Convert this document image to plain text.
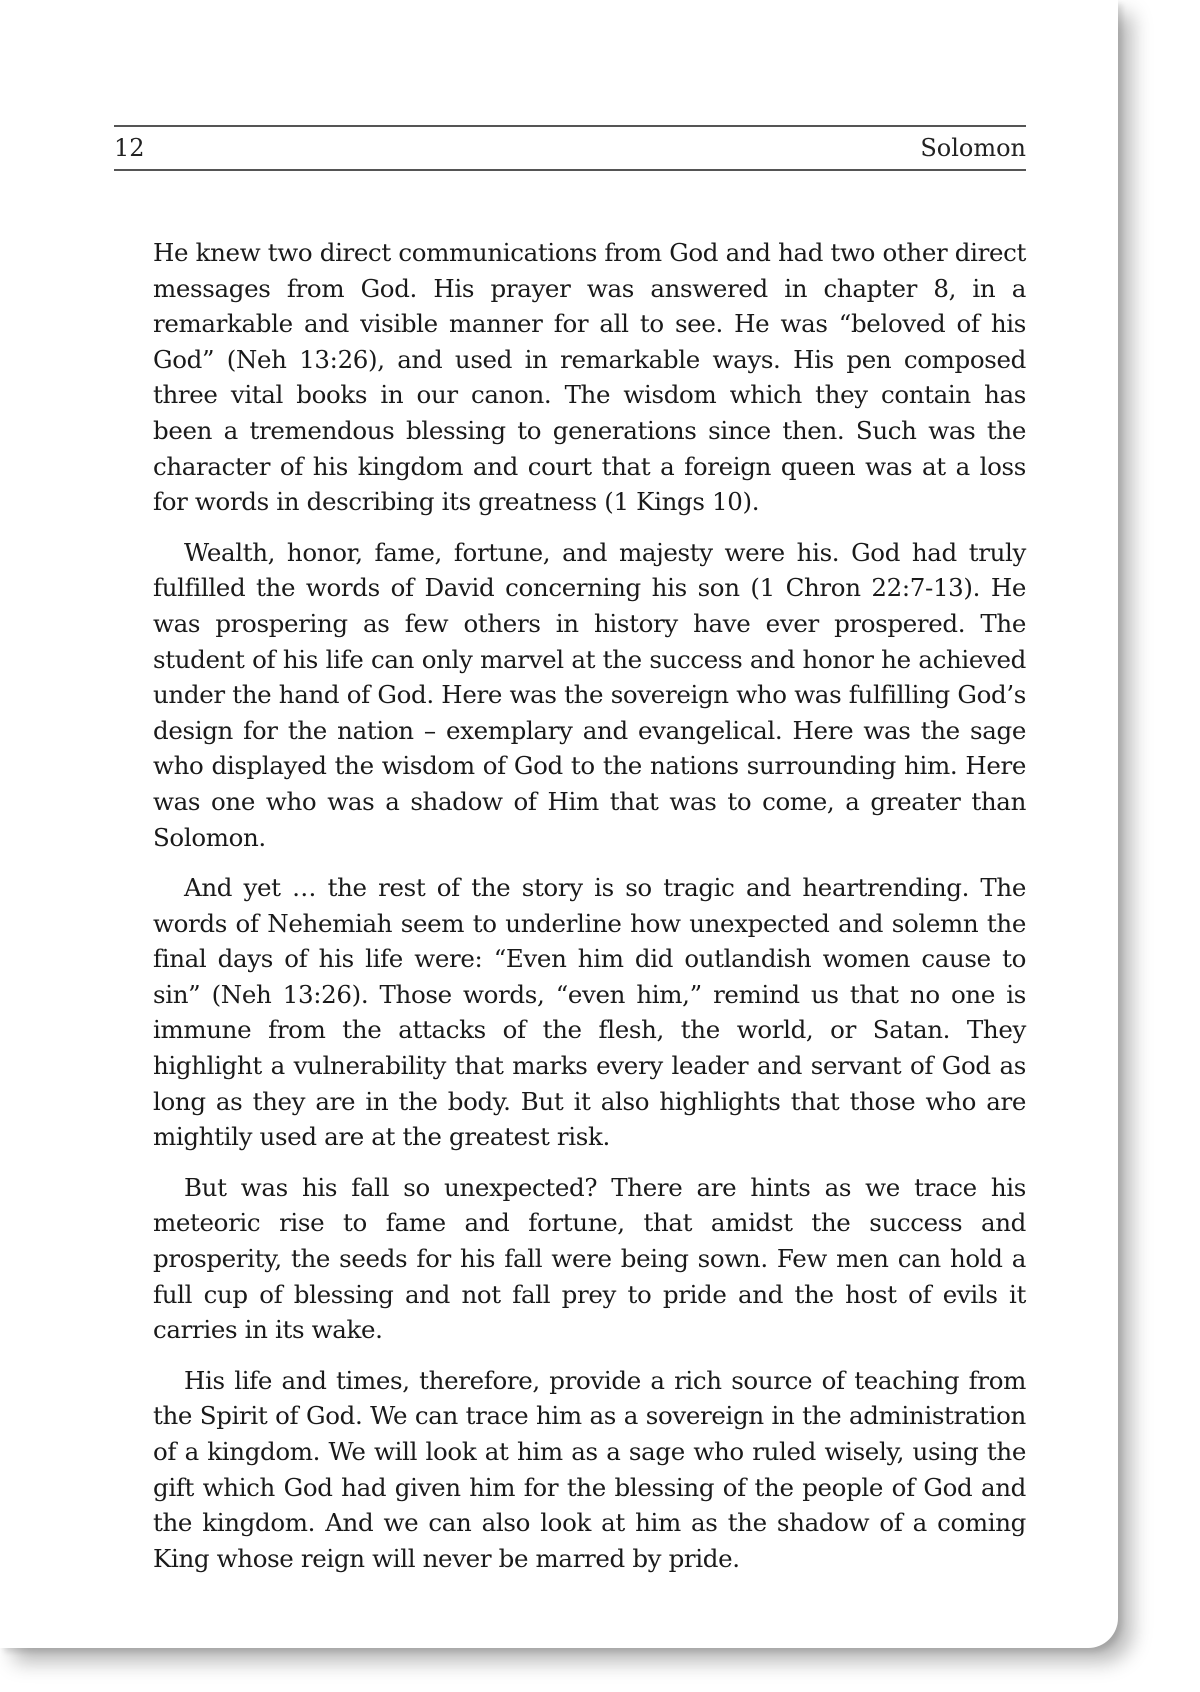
12	Solomon

He knew two direct communications from God and had two other direct messages from God. His prayer was answered in chapter 8, in a remarkable and visible manner for all to see. He was “beloved of his God” (Neh 13:26), and used in remarkable ways. His pen composed three vital books in our canon. The wisdom which they contain has been a tremendous blessing to generations since then. Such was the character of his kingdom and court that a foreign queen was at a loss for words in describing its greatness (1 Kings 10).

Wealth, honor, fame, fortune, and majesty were his. God had truly fulfilled the words of David concerning his son (1 Chron 22:7-13). He was prospering as few others in history have ever prospered. The student of his life can only marvel at the success and honor he achieved under the hand of God. Here was the sovereign who was fulfilling God’s design for the nation – exemplary and evangelical. Here was the sage who displayed the wisdom of God to the nations surrounding him. Here was one who was a shadow of Him that was to come, a greater than Solomon.

And yet … the rest of the story is so tragic and heartrending. The words of Nehemiah seem to underline how unexpected and solemn the final days of his life were: “Even him did outlandish women cause to sin” (Neh 13:26). Those words, “even him,” remind us that no one is immune from the attacks of the flesh, the world, or Satan. They highlight a vulnerability that marks every leader and servant of God as long as they are in the body. But it also highlights that those who are mightily used are at the greatest risk.

But was his fall so unexpected? There are hints as we trace his meteoric rise to fame and fortune, that amidst the success and prosperity, the seeds for his fall were being sown. Few men can hold a full cup of blessing and not fall prey to pride and the host of evils it carries in its wake.

His life and times, therefore, provide a rich source of teaching from the Spirit of God. We can trace him as a sovereign in the administration of a kingdom. We will look at him as a sage who ruled wisely, using the gift which God had given him for the blessing of the people of God and the kingdom. And we can also look at him as the shadow of a coming King whose reign will never be marred by pride.
